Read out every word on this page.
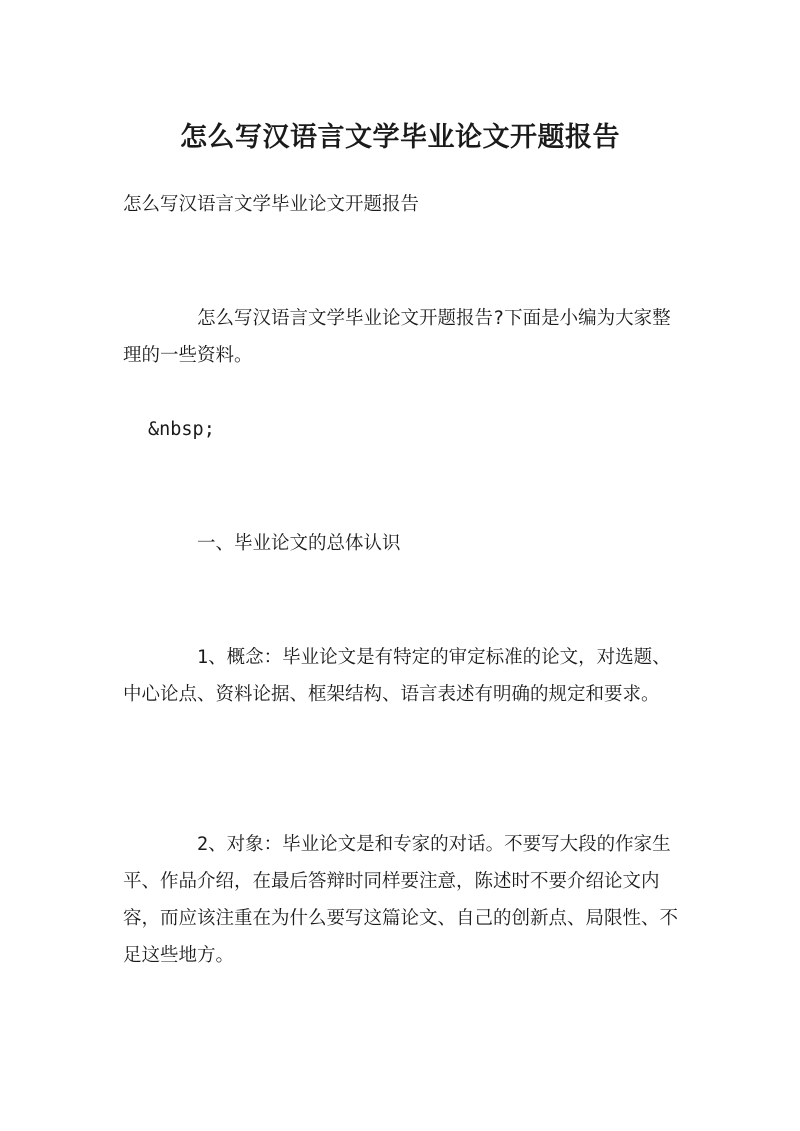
怎么写汉语言文学毕业论文开题报告

怎么写汉语言文学毕业论文开题报告

怎么写汉语言文学毕业论文开题报告?下面是小编为大家整理的一些资料。

&nbsp;

一、毕业论文的总体认识

1、概念：毕业论文是有特定的审定标准的论文，对选题、中心论点、资料论据、框架结构、语言表述有明确的规定和要求。

2、对象：毕业论文是和专家的对话。不要写大段的作家生平、作品介绍，在最后答辩时同样要注意，陈述时不要介绍论文内容，而应该注重在为什么要写这篇论文、自己的创新点、局限性、不足这些地方。
